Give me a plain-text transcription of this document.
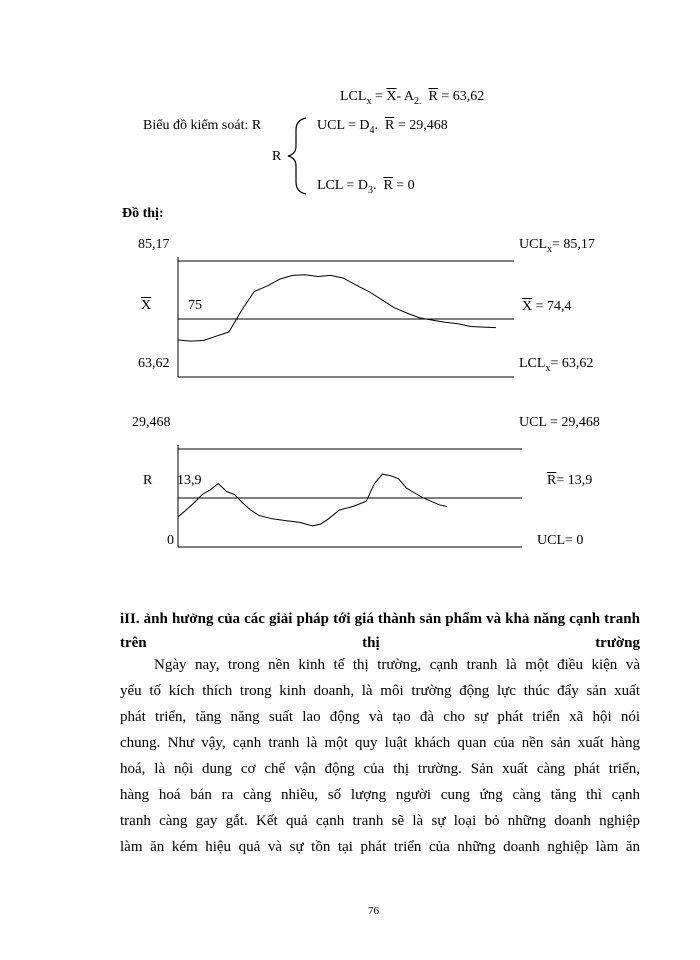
$LCL_x = \overline{X}-$ $A_{2.}$ $\overline{R} = 63,62$
Biểu đồ kiểm soát: R
R
UCL = $D_4$. $\overline{R} = 29,468$
LCL = $D_3$. $\overline{R} = 0$
Đồ thị:
85,17
$\overline{X}$	75
63,62
$UCL_x= 85,17$
$\overline{X} = 74,4$
$LCL_x= 63,62$
29,468
R 13,9
0
UCL = 29,468
$\overline{R}= 13,9$
UCL= 0
iII. ảnh hưởng của các giải pháp tới giá thành sản phẩm và khả năng cạnh tranh trên thị trường
Ngày nay, trong nền kinh tế thị trường, cạnh tranh là một điều kiện và
yếu tố kích thích trong kinh doanh, là môi trường động lực thúc đẩy sản xuất
phát triển, tăng năng suất lao động và tạo đà cho sự phát triển xã hội nói
chung. Như vậy, cạnh tranh là một quy luật khách quan của nền sản xuất hàng
hoá, là nội dung cơ chế vận động của thị trường. Sản xuất càng phát triển,
hàng hoá bán ra càng nhiều, số lượng người cung ứng càng tăng thì cạnh
tranh càng gay gắt. Kết quả cạnh tranh sẽ là sự loại bỏ những doanh nghiệp
làm ăn kém hiệu quả và sự tồn tại phát triển của những doanh nghiệp làm ăn
76
